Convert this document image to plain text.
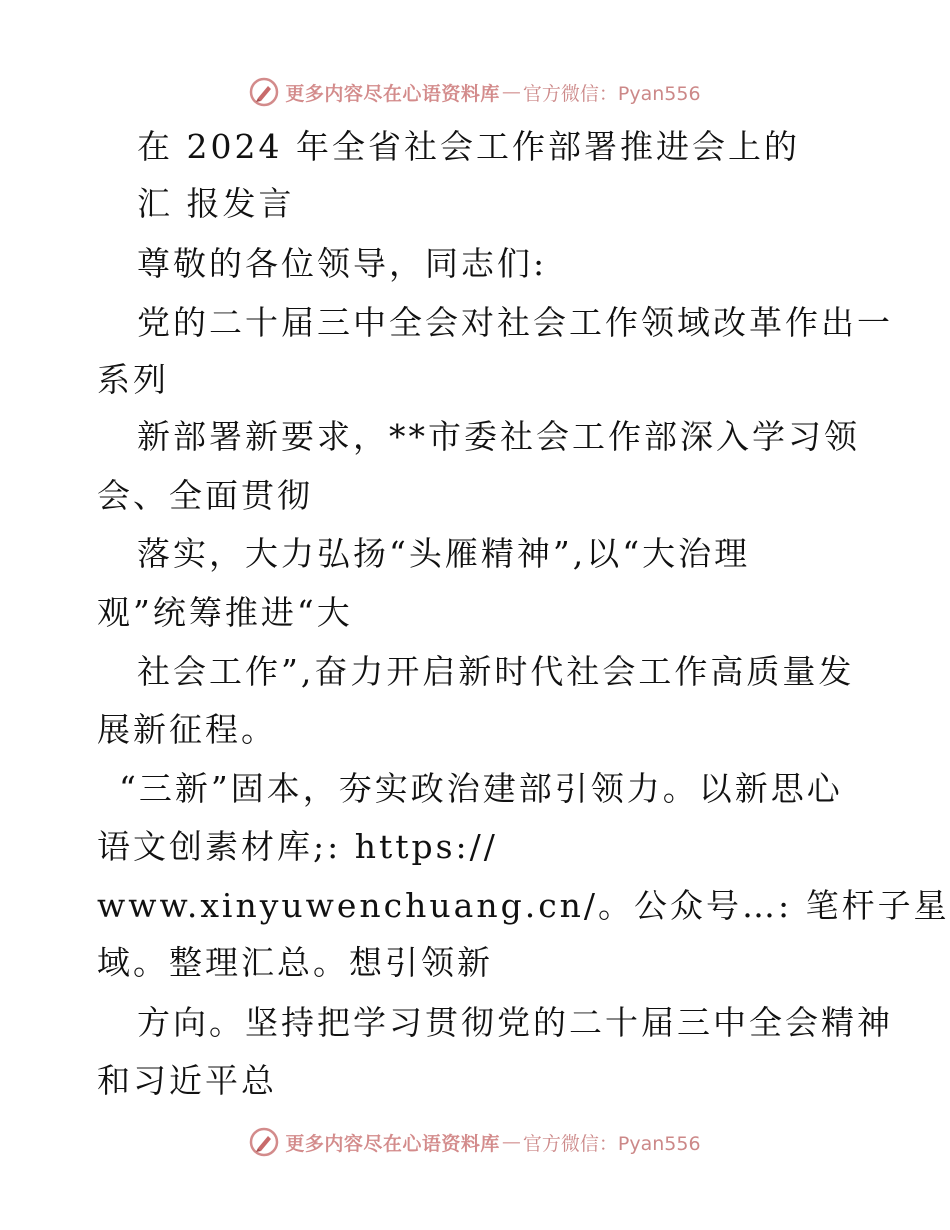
更多内容尽在心语资料库 — 官方微信：Pyan556
在 2024 年全省社会工作部署推进会上的
汇 报发言
尊敬的各位领导，同志们:
党的二十届三中全会对社会工作领域改革作出一
系列
新部署新要求，**市委社会工作部深入学习领
会、全面贯彻
落实，大力弘扬“头雁精神”,以“大治理
观”统筹推进“大
社会工作”,奋力开启新时代社会工作高质量发
展新征程。
“三新”固本，夯实政治建部引领力。以新思心
语文创素材库;: https://
www.xinyuwenchuang.cn/。公众号…: 笔杆子星
域。整理汇总。想引领新
方向。坚持把学习贯彻党的二十届三中全会精神
和习近平总
更多内容尽在心语资料库 — 官方微信：Pyan556
